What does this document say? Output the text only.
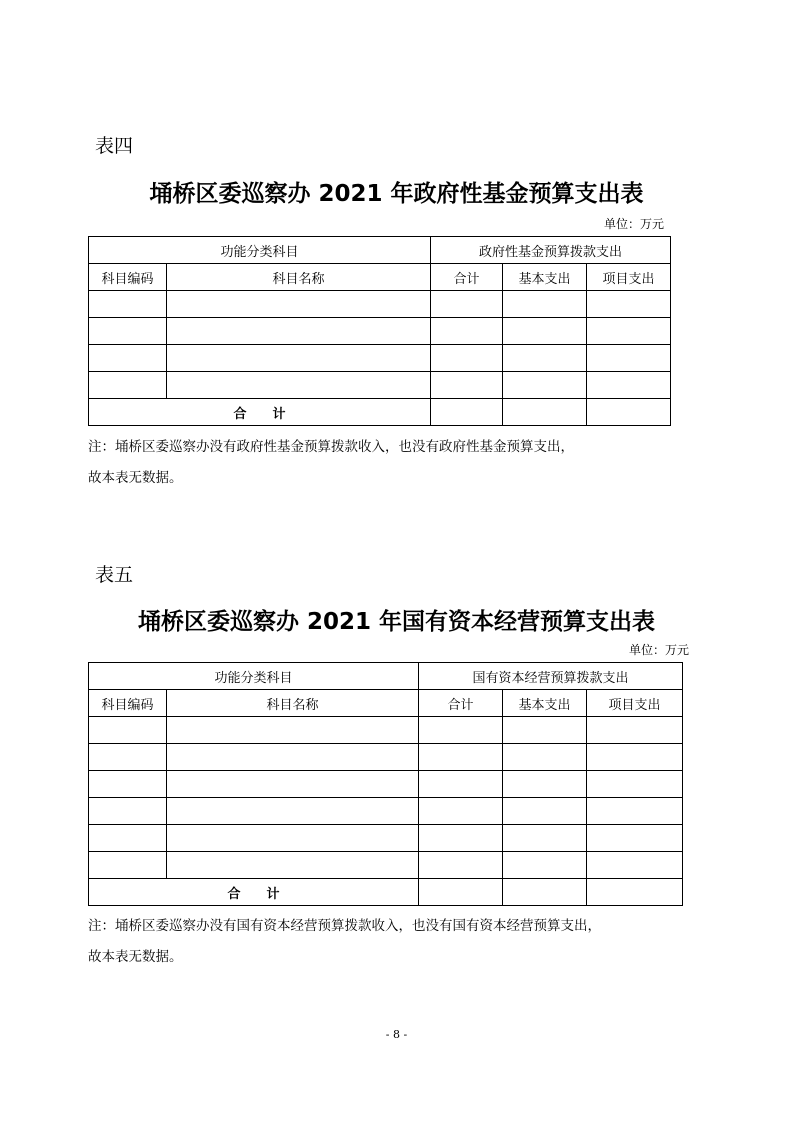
表四
埇桥区委巡察办 2021 年政府性基金预算支出表
单位：万元
功能分类科目		政府性基金预算拨款支出		
科目编码	科目名称	合计	基本支出	项目支出

合　　计				
注：埇桥区委巡察办没有政府性基金预算拨款收入，也没有政府性基金预算支出，
故本表无数据。
表五
埇桥区委巡察办 2021 年国有资本经营预算支出表
单位：万元
功能分类科目		国有资本经营预算拨款支出		
科目编码	科目名称	合计	基本支出	项目支出

合　　计				
注：埇桥区委巡察办没有国有资本经营预算拨款收入，也没有国有资本经营预算支出，
故本表无数据。
- 8 -
